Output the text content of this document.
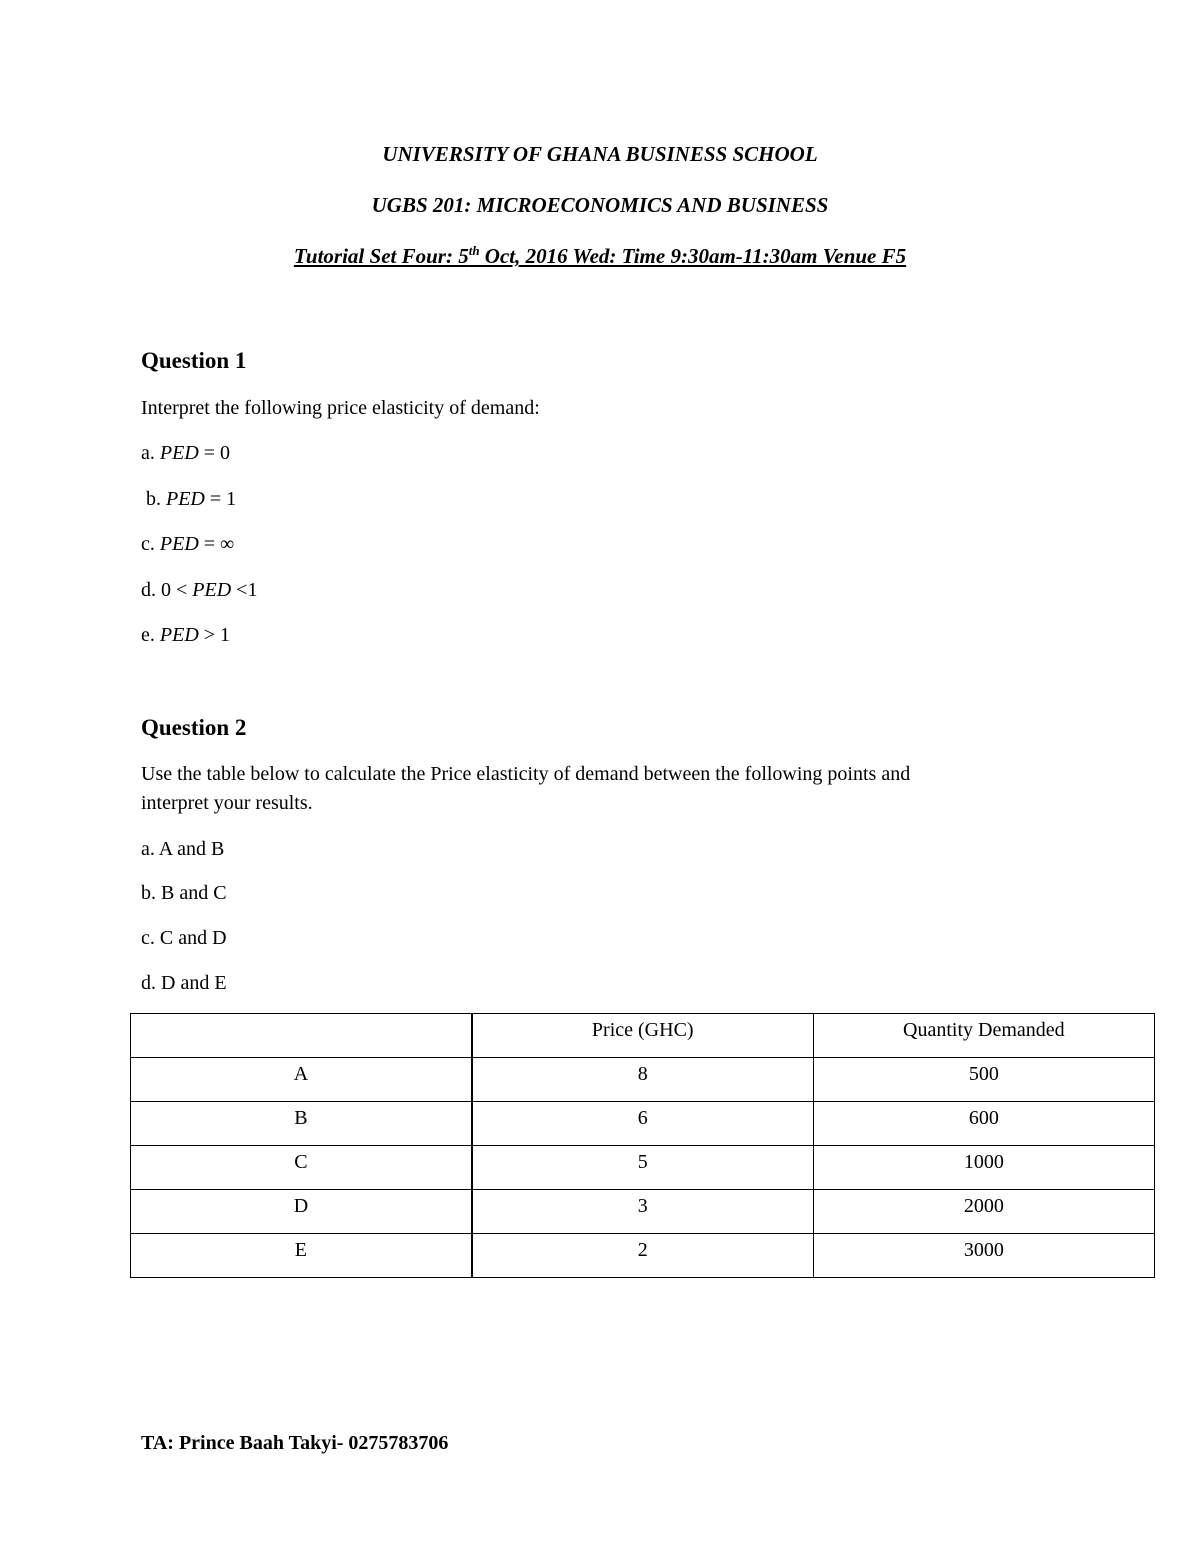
UNIVERSITY OF GHANA BUSINESS SCHOOL
UGBS 201: MICROECONOMICS AND BUSINESS
Tutorial Set Four: 5th Oct, 2016 Wed: Time 9:30am-11:30am Venue F5
Question 1
Interpret the following price elasticity of demand:
a. PED = 0
b. PED = 1
c. PED = ∞
d. 0 < PED <1
e. PED > 1
Question 2
Use the table below to calculate the Price elasticity of demand between the following points and
interpret your results.
a. A and B
b. B and C
c. C and D
d. D and E
	Price (GHC)	Quantity Demanded
A	8	500
B	6	600
C	5	1000
D	3	2000
E	2	3000
TA: Prince Baah Takyi- 0275783706
